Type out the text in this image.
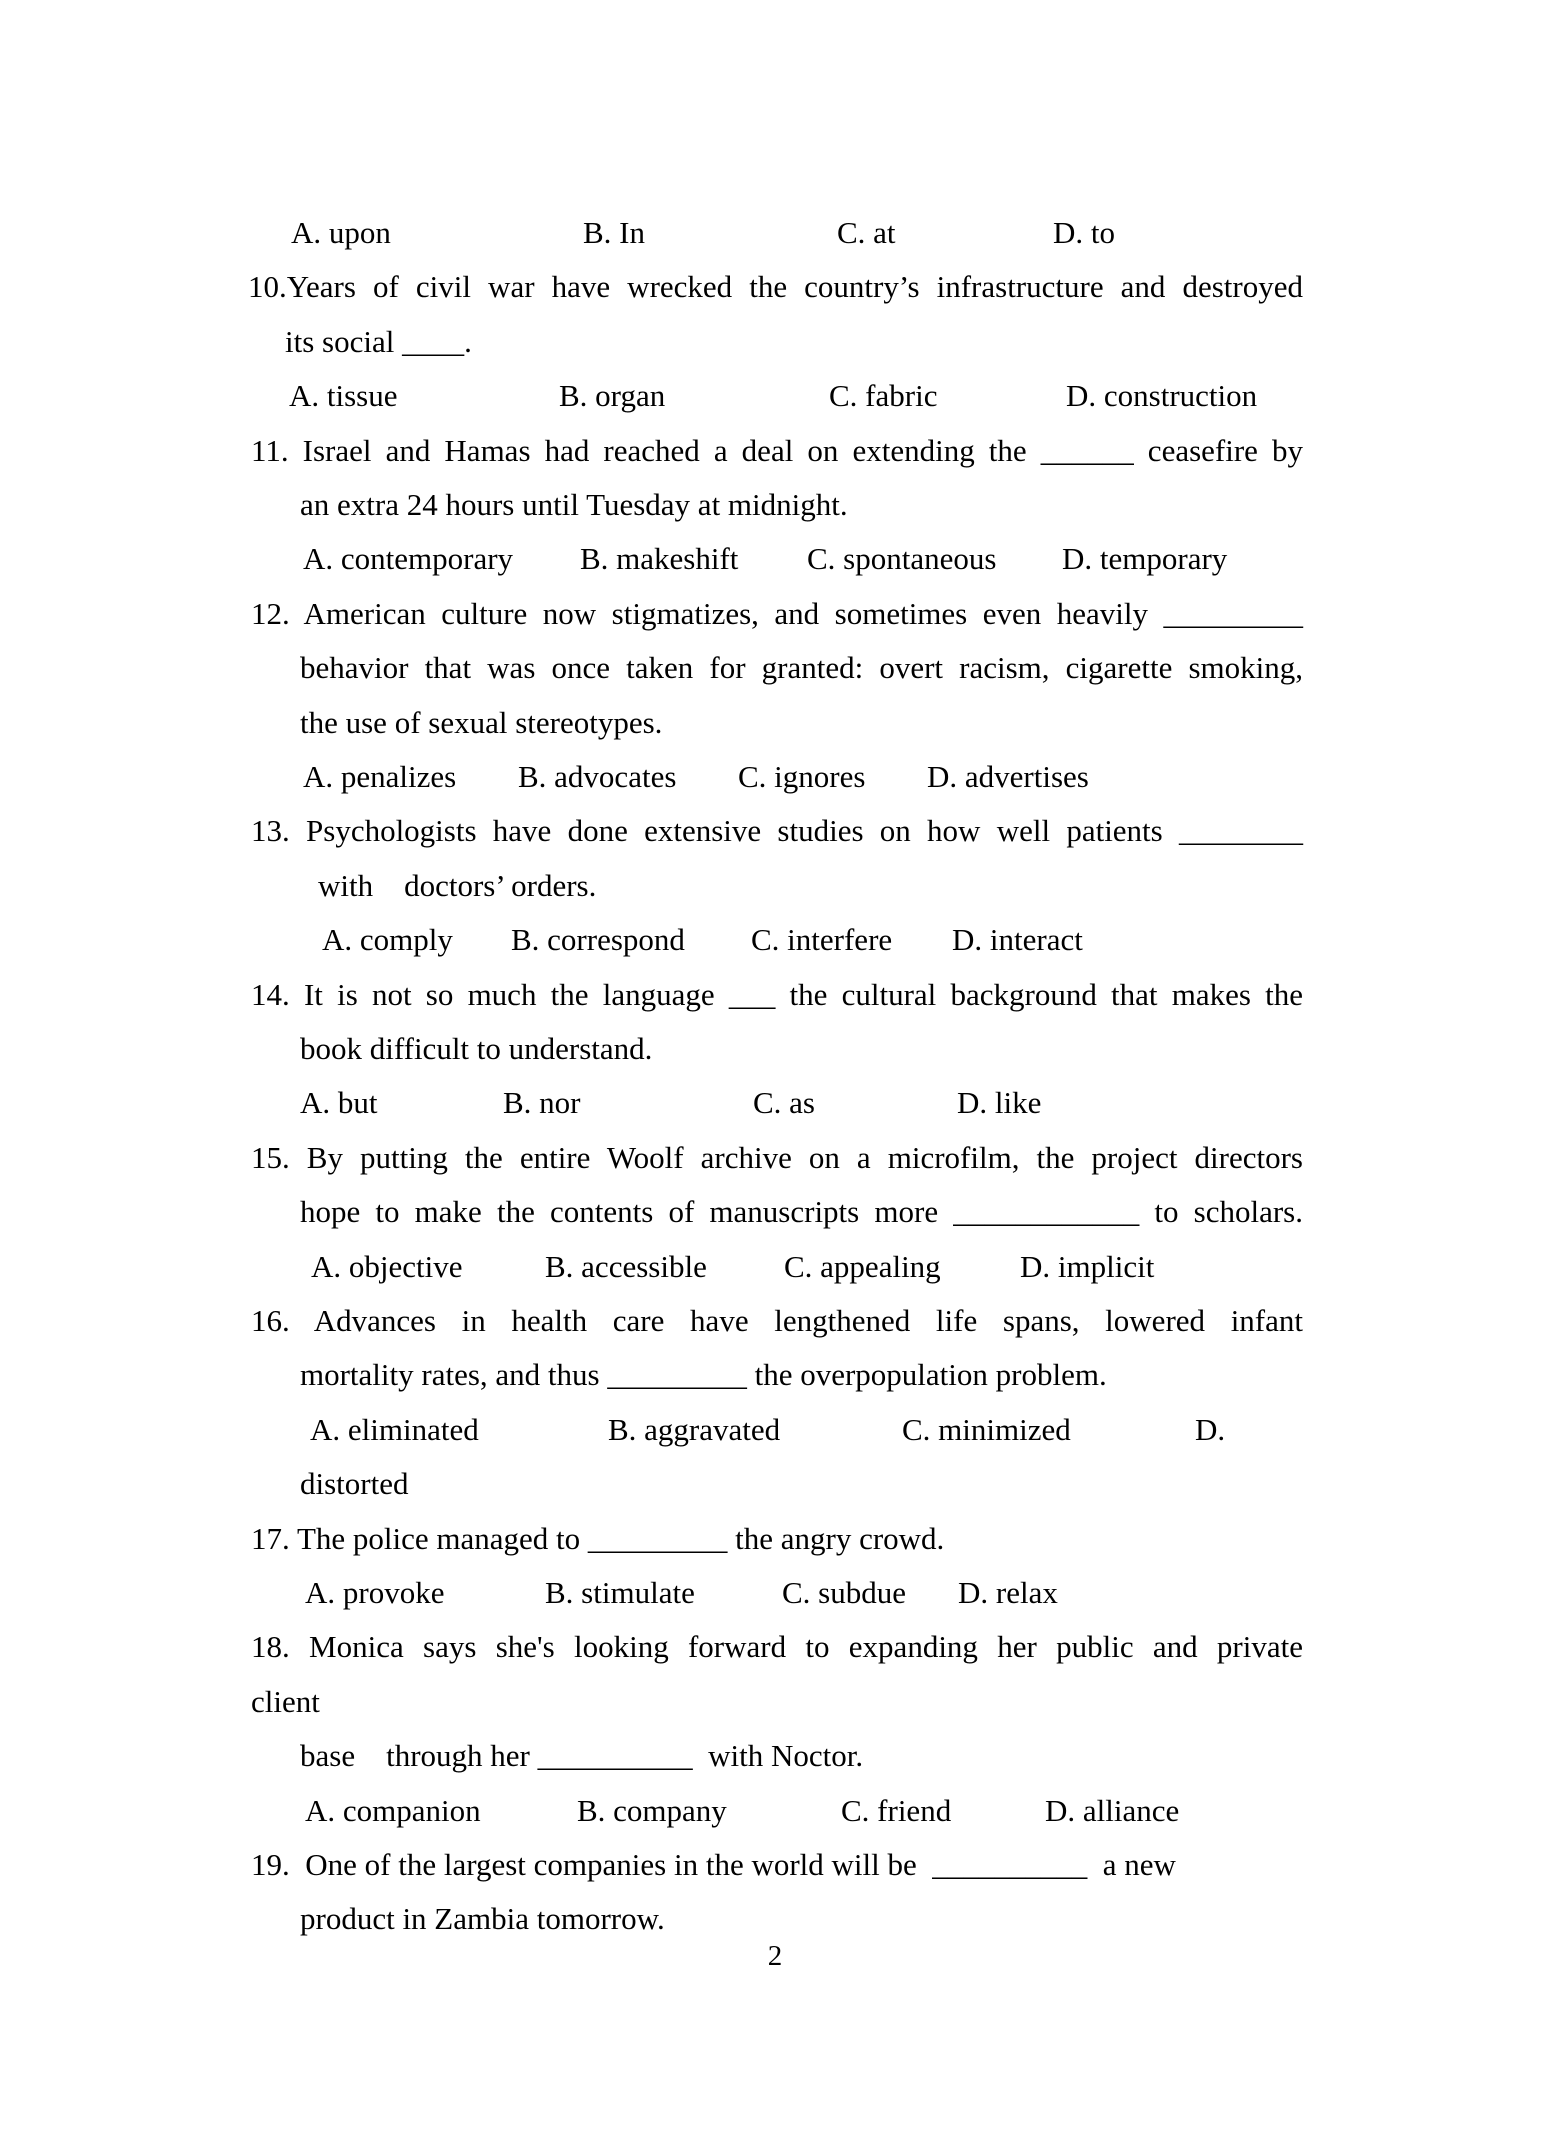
A. upon	B. In	C. at	D. to
10.Years of civil war have wrecked the country’s infrastructure and destroyed
its social ____.
A. tissue	B. organ	C. fabric	D. construction
11. Israel and Hamas had reached a deal on extending the ______ ceasefire by
an extra 24 hours until Tuesday at midnight.
A. contemporary B. makeshift C. spontaneous D. temporary
12. American culture now stigmatizes, and sometimes even heavily _________
behavior that was once taken for granted: overt racism, cigarette smoking,
the use of sexual stereotypes.
A. penalizes B. advocates C. ignores D. advertises
13. Psychologists have done extensive studies on how well patients ________
with    doctors’ orders.
A. comply B. correspond C. interfere D. interact
14. It is not so much the language ___ the cultural background that makes the
book difficult to understand.
A. but	B. nor	C. as	D. like
15. By putting the entire Woolf archive on a microfilm, the project directors
hope to make the contents of manuscripts more ____________ to scholars.
A. objective	B. accessible C. appealing	D. implicit
16. Advances in health care have lengthened life spans, lowered infant
mortality rates, and thus _________ the overpopulation problem.
A. eliminated	B. aggravated	C. minimized	D.
distorted
17. The police managed to _________ the angry crowd.
A. provoke	B. stimulate	C. subdue D. relax
18. Monica says she's looking forward to expanding her public and private
client
base    through her __________  with Noctor.
A. companion	B. company	C. friend	D. alliance
19.  One of the largest companies in the world will be  __________  a new
product in Zambia tomorrow.
2
